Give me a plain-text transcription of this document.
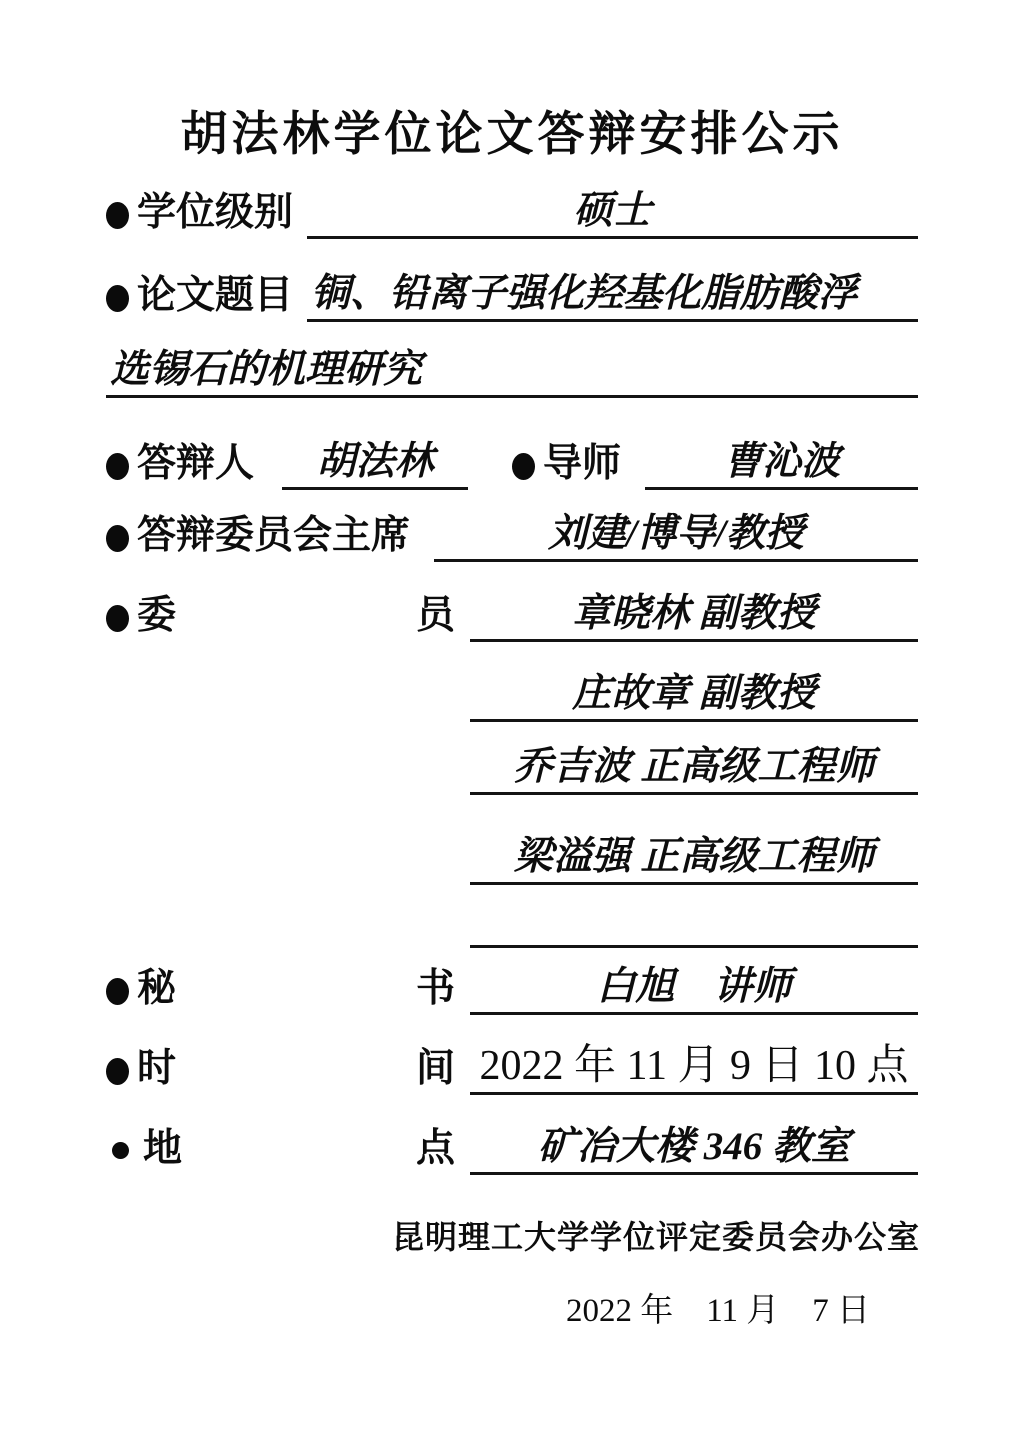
胡法林学位论文答辩安排公示
学位级别	硕士
论文题目 铜、铅离子强化羟基化脂肪酸浮
选锡石的机理研究
答辩人	胡法林	导师	曹沁波
答辩委员会主席	刘建/博导/教授
委	员	章晓林 副教授
庄故章 副教授
乔吉波 正高级工程师
梁溢强 正高级工程师
秘	书	白旭　讲师
时	间 2022 年 11 月 9 日 10 点
地	点	矿冶大楼 346 教室
昆明理工大学学位评定委员会办公室
2022 年　11 月　7 日
